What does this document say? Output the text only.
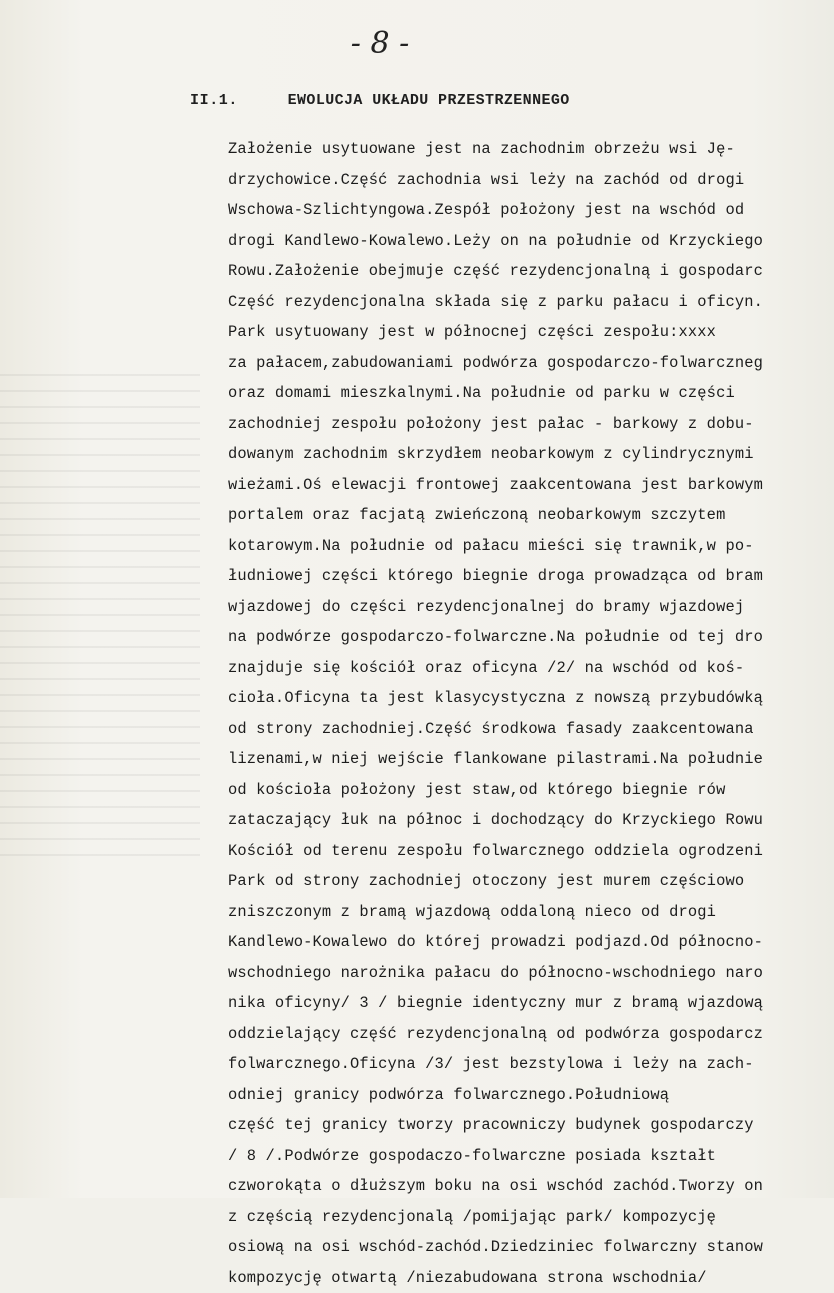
- 8 -
II.1.	EWOLUCJA UKŁADU PRZESTRZENNEGO
Założenie usytuowane jest na zachodnim obrzeżu wsi Ję-
drzychowice.Część zachodnia wsi leży na zachód od drogi
Wschowa-Szlichtyngowa.Zespół położony jest na wschód od
drogi Kandlewo-Kowalewo.Leży on na południe od Krzyckiego
Rowu.Założenie obejmuje część rezydencjonalną i gospodarc
Część rezydencjonalna składa się z parku pałacu i oficyn.
Park usytuowany jest w północnej części zespołu:xxxx
za pałacem,zabudowaniami podwórza gospodarczo-folwarczneg
oraz domami mieszkalnymi.Na południe od parku w części
zachodniej zespołu położony jest pałac - barkowy z dobu-
dowanym zachodnim skrzydłem neobarkowym z cylindrycznymi
wieżami.Oś elewacji frontowej zaakcentowana jest barkowym
portalem oraz facjatą zwieńczoną neobarkowym szczytem
kotarowym.Na południe od pałacu mieści się trawnik,w po-
łudniowej części którego biegnie droga prowadząca od bram
wjazdowej do części rezydencjonalnej do bramy wjazdowej
na podwórze gospodarczo-folwarczne.Na południe od tej dro
znajduje się kościół oraz oficyna /2/ na wschód od koś-
cioła.Oficyna ta jest klasycystyczna z nowszą przybudówką
od strony zachodniej.Część środkowa fasady zaakcentowana
lizenami,w niej wejście flankowane pilastrami.Na południe
od kościoła położony jest staw,od którego biegnie rów
zataczający łuk na północ i dochodzący do Krzyckiego Rowu
Kościół od terenu zespołu folwarcznego oddziela ogrodzeni
Park od strony zachodniej otoczony jest murem częściowo
zniszczonym z bramą wjazdową oddaloną nieco od drogi
Kandlewo-Kowalewo do której prowadzi podjazd.Od północno-
wschodniego narożnika pałacu do północno-wschodniego naro
nika oficyny/ 3 / biegnie identyczny mur z bramą wjazdową
oddzielający część rezydencjonalną od podwórza gospodarcz
folwarcznego.Oficyna /3/ jest bezstylowa i leży na zach-
odniej granicy podwórza folwarcznego.Południową
część tej granicy tworzy pracowniczy budynek gospodarczy
/ 8 /.Podwórze gospodaczo-folwarczne posiada kształt
czworokąta o dłuższym boku na osi wschód zachód.Tworzy on
z częścią rezydencjonalą /pomijając park/ kompozycję
osiową na osi wschód-zachód.Dziedziniec folwarczny stanow
kompozycję otwartą /niezabudowana strona wschodnia/
